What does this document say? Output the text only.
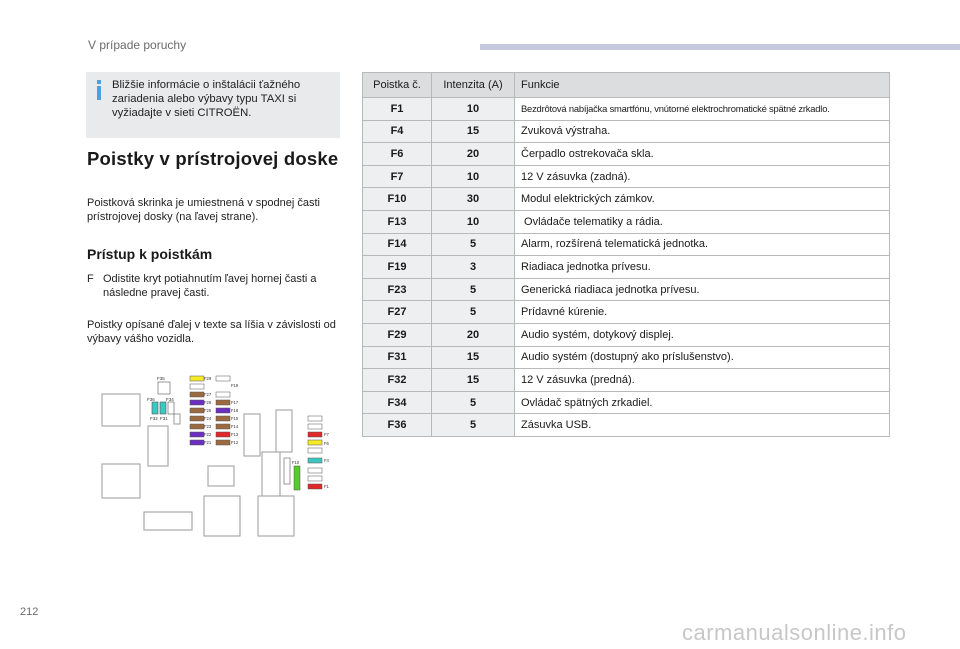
V prípade poruchy
Bližšie informácie o inštalácii ťažného zariadenia alebo výbavy typu TAXI si vyžiadajte v sieti CITROËN.
Poistky v prístrojovej doske
Poistková skrinka je umiestnená v spodnej časti prístrojovej dosky (na ľavej strane).
Prístup k poistkám
F Odistite kryt potiahnutím ľavej hornej časti a následne pravej časti.
Poistky opísané ďalej v texte sa líšia v závislosti od výbavy vášho vozidla.
Poistka č.	Intenzita (A)	Funkcie
F1	10	Bezdrôtová nabíjačka smartfónu, vnútorné elektrochromatické spätné zrkadlo.
F4	15	Zvuková výstraha.
F6	20	Čerpadlo ostrekovača skla.
F7	10	12 V zásuvka (zadná).
F10	30	Modul elektrických zámkov.
F13	10	Ovládače telematiky a rádia.
F14	5	Alarm, rozšírená telematická jednotka.
F19	3	Riadiaca jednotka prívesu.
F23	5	Generická riadiaca jednotka prívesu.
F27	5	Prídavné kúrenie.
F29	20	Audio systém, dotykový displej.
F31	15	Audio systém (dostupný ako príslušenstvo).
F32	15	12 V zásuvka (predná).
F34	5	Ovládač spätných zrkadiel.
F36	5	Zásuvka USB.
F35
F36 F34
F32 F31
F29
F19
F27
F26	F17
F25	F16
F24	F15
F23	F14
F22	F13
F21	F12
F7
F6
F10	F4
F1
212
carmanualsonline.info
